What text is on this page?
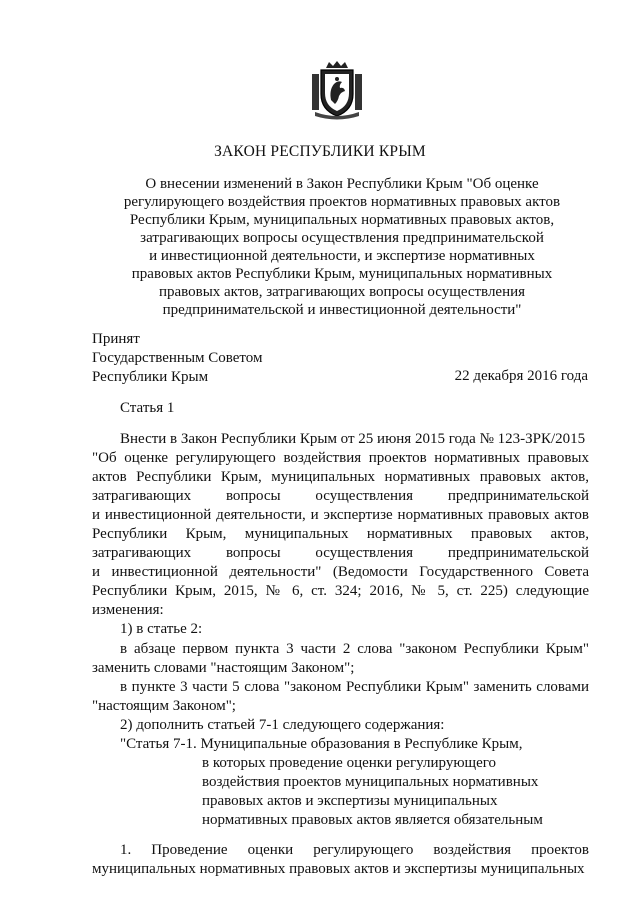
ЗАКОН РЕСПУБЛИКИ КРЫМ
О внесении изменений в Закон Республики Крым "Об оценке
регулирующего воздействия проектов нормативных правовых актов
Республики Крым, муниципальных нормативных правовых актов,
затрагивающих вопросы осуществления предпринимательской
и инвестиционной деятельности, и экспертизе нормативных
правовых актов Республики Крым, муниципальных нормативных
правовых актов, затрагивающих вопросы осуществления
предпринимательской и инвестиционной деятельности"
Принят
Государственным Советом
Республики Крым	22 декабря 2016 года
Статья 1
Внести в Закон Республики Крым от 25 июня 2015 года № 123-ЗРК/2015
"Об оценке регулирующего воздействия проектов нормативных правовых
актов Республики Крым, муниципальных нормативных правовых актов,
затрагивающих вопросы осуществления предпринимательской
и инвестиционной деятельности, и экспертизе нормативных правовых актов
Республики Крым, муниципальных нормативных правовых актов,
затрагивающих вопросы осуществления предпринимательской
и инвестиционной деятельности" (Ведомости Государственного Совета
Республики Крым, 2015, № 6, ст. 324; 2016, № 5, ст. 225) следующие
изменения:
1) в статье 2:
в абзаце первом пункта 3 части 2 слова "законом Республики Крым"
заменить словами "настоящим Законом";
в пункте 3 части 5 слова "законом Республики Крым" заменить словами
"настоящим Законом";
2) дополнить статьей 7-1 следующего содержания:
"Статья 7-1. Муниципальные образования в Республике Крым,
в которых проведение оценки регулирующего
воздействия проектов муниципальных нормативных
правовых актов и экспертизы муниципальных
нормативных правовых актов является обязательным
1. Проведение оценки регулирующего воздействия проектов
муниципальных нормативных правовых актов и экспертизы муниципальных
